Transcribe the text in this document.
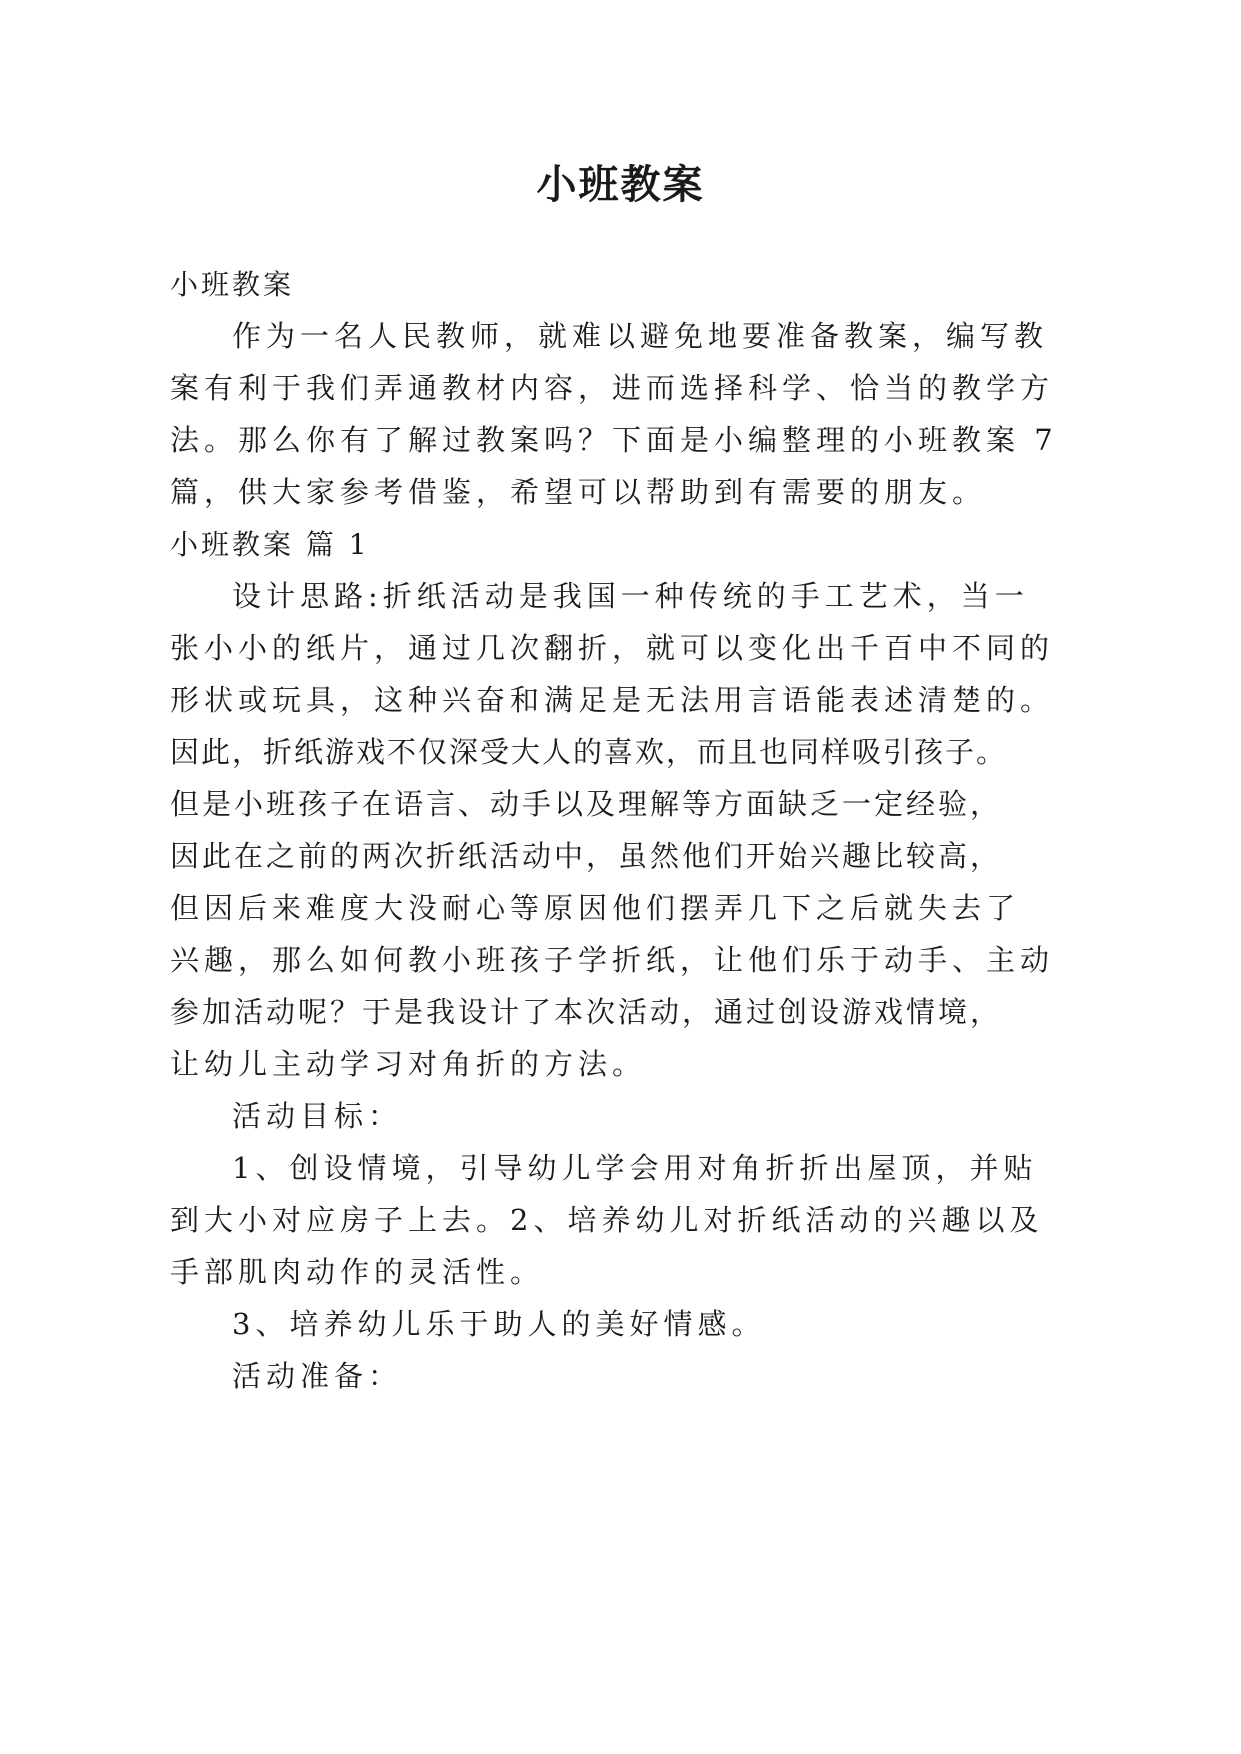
小班教案
小班教案
作为一名人民教师，就难以避免地要准备教案，编写教
案有利于我们弄通教材内容，进而选择科学、恰当的教学方
法。那么你有了解过教案吗？下面是小编整理的小班教案 7
篇，供大家参考借鉴，希望可以帮助到有需要的朋友。
小班教案 篇 1
设计思路:折纸活动是我国一种传统的手工艺术，当一
张小小的纸片，通过几次翻折，就可以变化出千百中不同的
形状或玩具，这种兴奋和满足是无法用言语能表述清楚的。
因此，折纸游戏不仅深受大人的喜欢，而且也同样吸引孩子。
但是小班孩子在语言、动手以及理解等方面缺乏一定经验，
因此在之前的两次折纸活动中，虽然他们开始兴趣比较高，
但因后来难度大没耐心等原因他们摆弄几下之后就失去了
兴趣，那么如何教小班孩子学折纸，让他们乐于动手、主动
参加活动呢？于是我设计了本次活动，通过创设游戏情境，
让幼儿主动学习对角折的方法。
活动目标：
1、创设情境，引导幼儿学会用对角折折出屋顶，并贴
到大小对应房子上去。2、培养幼儿对折纸活动的兴趣以及
手部肌肉动作的灵活性。
3、培养幼儿乐于助人的美好情感。
活动准备：
